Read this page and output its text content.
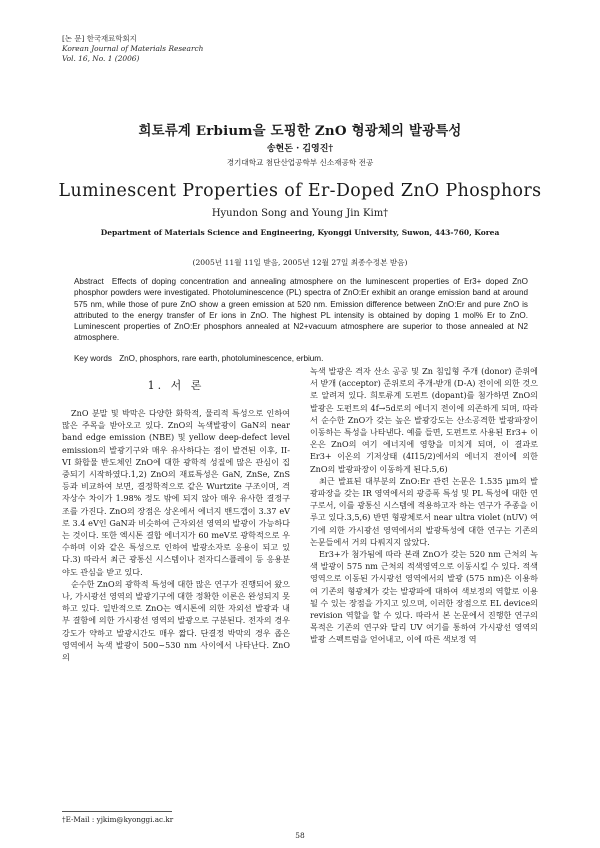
[논 문] 한국재료학회지
Korean Journal of Materials Research
Vol. 16, No. 1 (2006)
희토류계 Erbium을 도핑한 ZnO 형광체의 발광특성
송현돈 · 김영진†
경기대학교 첨단산업공학부 신소재공학 전공
Luminescent Properties of Er-Doped ZnO Phosphors
Hyundon Song and Young Jin Kim†
Department of Materials Science and Engineering, Kyonggi University, Suwon, 443-760, Korea
(2005년 11월 11일 받음, 2005년 12월 27일 최종수정본 받음)
Abstract Effects of doping concentration and annealing atmosphere on the luminescent properties of Er3+ doped ZnO phosphor powders were investigated. Photoluminescence (PL) spectra of ZnO:Er exhibit an orange emission band at around 575 nm, while those of pure ZnO show a green emission at 520 nm. Emission difference between ZnO:Er and pure ZnO is attributed to the energy transfer of Er ions in ZnO. The highest PL intensity is obtained by doping 1 mol% Er to ZnO. Luminescent properties of ZnO:Er phosphors annealed at N2+vacuum atmosphere are superior to those annealed at N2 atmosphere.
Key words ZnO, phosphors, rare earth, photoluminescence, erbium.
1. 서 론

ZnO 분말 및 박막은 다양한 화학적, 물리적 특성으로 인하여 많은 주목을 받아오고 있다. ZnO의 녹색발광이 GaN의 near band edge emission (NBE) 및 yellow deep-defect level emission의 발광기구와 매우 유사하다는 점이 발견된 이후, II-VI 화합물 반도체인 ZnO에 대한 광학적 성질에 많은 관심이 집중되기 시작하였다.1,2) ZnO의 재료특성은 GaN, ZnSe, ZnS 등과 비교하여 보면, 결정학적으로 같은 Wurtzite 구조이며, 격자상수 차이가 1.98% 정도 밖에 되지 않아 매우 유사한 결정구조를 가진다. ZnO의 장점은 상온에서 에너지 밴드갭이 3.37 eV로 3.4 eV인 GaN과 비슷하여 근자외선 영역의 발광이 가능하다는 것이다. 또한 엑시톤 결합 에너지가 60 meV로 광학적으로 우수하며 이와 같은 특성으로 인하여 발광소자로 응용이 되고 있다.3) 따라서 최근 광통신 시스템이나 전자디스플레이 등 응용분야도 관심을 받고 있다.

순수한 ZnO의 광학적 특성에 대한 많은 연구가 진행되어 왔으나, 가시광선 영역의 발광기구에 대한 정확한 이론은 완성되지 못하고 있다. 일반적으로 ZnO는 엑시톤에 의한 자외선 발광과 내부 결함에 의한 가시광선 영역의 발광으로 구분된다. 전자의 경우 강도가 약하고 발광시간도 매우 짧다. 단결정 박막의 경우 좁은 영역에서 녹색 발광이 500~530 nm 사이에서 나타난다. ZnO의

녹색 발광은 격자 산소 공공 및 Zn 침입형 주개 (donor) 준위에서 받개 (acceptor) 준위로의 주개-받개 (D-A) 전이에 의한 것으로 알려져 있다. 희토류계 도펀트 (dopant)를 첨가하면 ZnO의 발광은 도펀트의 4f→5d로의 에너지 전이에 의존하게 되며, 따라서 순수한 ZnO가 갖는 높은 발광강도는 산소공격한 발광파장이 이동하는 특성을 나타낸다. 예를 들면, 도펀트로 사용된 Er3+ 이온은 ZnO의 여기 에너지에 영향을 미치게 되며, 이 결과로 Er3+ 이온의 기저상태 (4I15/2)에서의 에너지 전이에 의한 ZnO의 발광파장이 이동하게 된다.5,6)

최근 발표된 대부분의 ZnO:Er 관련 논문은 1.535 μm의 발광파장을 갖는 IR 영역에서의 광증폭 특성 및 PL 특성에 대한 연구로서, 이를 광통신 시스템에 적용하고자 하는 연구가 주종을 이루고 있다.3,5,6) 반면 형광체로서 near ultra violet (nUV) 여기에 의한 가시광선 영역에서의 발광특성에 대한 연구는 기존의 논문들에서 거의 다뤄지지 않았다.

Er3+가 첨가됨에 따라 본래 ZnO가 갖는 520 nm 근처의 녹색 발광이 575 nm 근처의 적색영역으로 이동시킬 수 있다. 적색 영역으로 이동된 가시광선 영역에서의 발광 (575 nm)은 이용하여 기존의 형광체가 갖는 발광파에 대하여 색보정의 역할로 이용될 수 있는 장점을 가지고 있으며, 이러한 장점으로 EL device의 revision 역할을 할 수 있다. 따라서 본 논문에서 진행한 연구의 목적은 기존의 연구와 달리 UV 여기를 통하여 가시광선 영역의 발광 스펙트럼을 얻어내고, 이에 따른 색보정 역

†E-Mail : yjkim@kyonggi.ac.kr
58
